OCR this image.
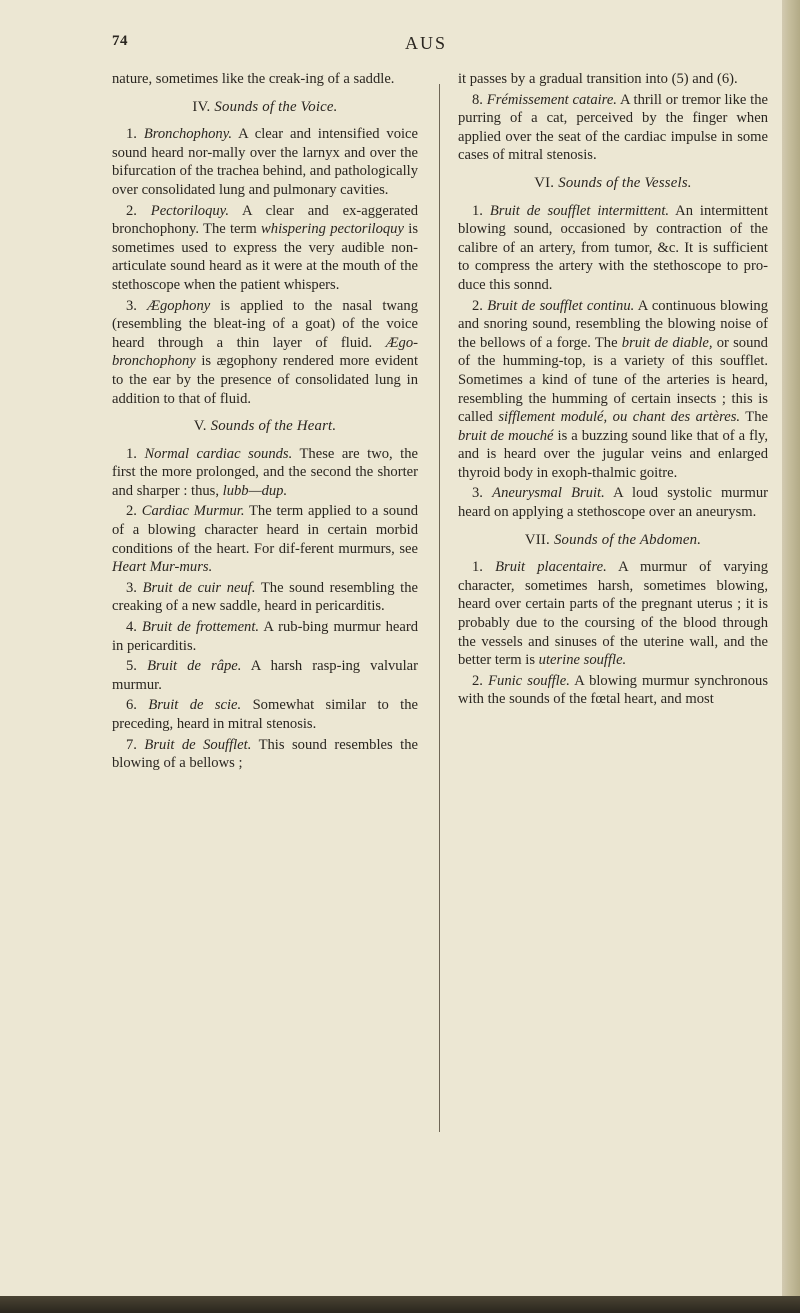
74	AUS

nature, sometimes like the creak-ing of a saddle.

IV. Sounds of the Voice.

1. Bronchophony. A clear and intensified voice sound heard nor-mally over the larnyx and over the bifurcation of the trachea behind, and pathologically over consolidated lung and pulmonary cavities.

2. Pectoriloquy. A clear and ex-aggerated bronchophony. The term whispering pectoriloquy is sometimes used to express the very audible non-articulate sound heard as it were at the mouth of the stethoscope when the patient whispers.

3. Ægophony is applied to the nasal twang (resembling the bleat-ing of a goat) of the voice heard through a thin layer of fluid. Ægo-bronchophony is ægophony rendered more evident to the ear by the presence of consolidated lung in addition to that of fluid.

V. Sounds of the Heart.

1. Normal cardiac sounds. These are two, the first the more prolonged, and the second the shorter and sharper : thus, lubb—dup.

2. Cardiac Murmur. The term applied to a sound of a blowing character heard in certain morbid conditions of the heart. For dif-ferent murmurs, see Heart Mur-murs.

3. Bruit de cuir neuf. The sound resembling the creaking of a new saddle, heard in pericarditis.

4. Bruit de frottement. A rub-bing murmur heard in pericarditis.

5. Bruit de râpe. A harsh rasp-ing valvular murmur.

6. Bruit de scie. Somewhat similar to the preceding, heard in mitral stenosis.

7. Bruit de Soufflet. This sound resembles the blowing of a bellows ;

it passes by a gradual transition into (5) and (6).

8. Frémissement cataire. A thrill or tremor like the purring of a cat, perceived by the finger when applied over the seat of the cardiac impulse in some cases of mitral stenosis.

VI. Sounds of the Vessels.

1. Bruit de soufflet intermittent. An intermittent blowing sound, occasioned by contraction of the calibre of an artery, from tumor, &c. It is sufficient to compress the artery with the stethoscope to pro-duce this sonnd.

2. Bruit de soufflet continu. A continuous blowing and snoring sound, resembling the blowing noise of the bellows of a forge. The bruit de diable, or sound of the humming-top, is a variety of this soufflet. Sometimes a kind of tune of the arteries is heard, resembling the humming of certain insects ; this is called sifflement modulé, ou chant des artères. The bruit de mouché is a buzzing sound like that of a fly, and is heard over the jugular veins and enlarged thyroid body in exoph-thalmic goitre.

3. Aneurysmal Bruit. A loud systolic murmur heard on applying a stethoscope over an aneurysm.

VII. Sounds of the Abdomen.

1. Bruit placentaire. A murmur of varying character, sometimes harsh, sometimes blowing, heard over certain parts of the pregnant uterus ; it is probably due to the coursing of the blood through the vessels and sinuses of the uterine wall, and the better term is uterine souffle.

2. Funic souffle. A blowing murmur synchronous with the sounds of the fœtal heart, and most
